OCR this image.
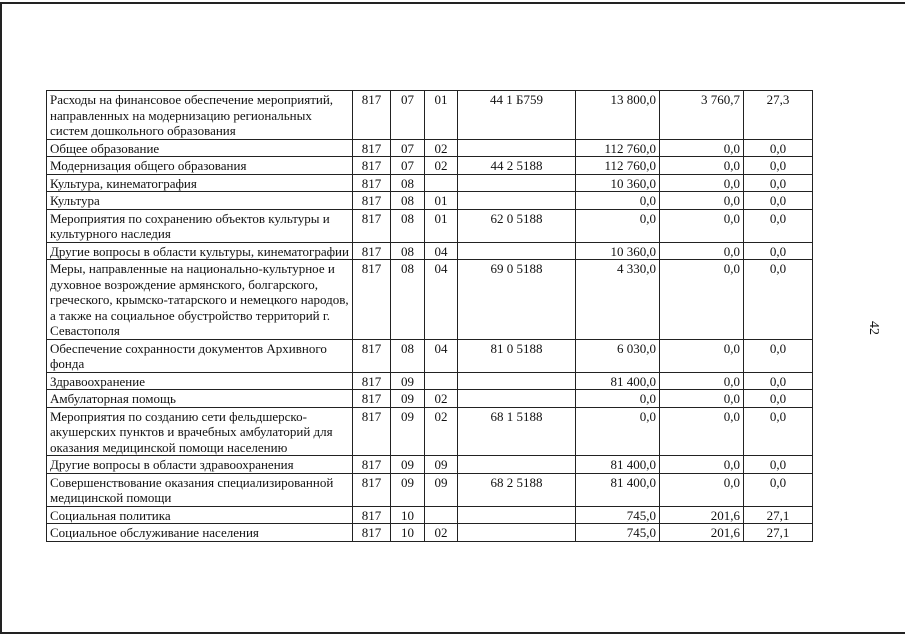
42
Расходы на финансовое обеспечение мероприятий, направленных на модернизацию региональных систем дошкольного образования	817	07	01	44 1 Б759	13 800,0	3 760,7	27,3
Общее образование	817	07	02		112 760,0	0,0	0,0
Модернизация общего образования	817	07	02	44 2 5188	112 760,0	0,0	0,0
Культура, кинематография	817	08			10 360,0	0,0	0,0
Культура	817	08	01		0,0	0,0	0,0
Мероприятия по сохранению объектов культуры и культурного наследия	817	08	01	62 0 5188	0,0	0,0	0,0
Другие вопросы в области культуры, кинематографии	817	08	04		10 360,0	0,0	0,0
Меры, направленные на национально-культурное и духовное возрождение армянского, болгарского, греческого, крымско-татарского и немецкого народов, а также на социальное обустройство территорий г. Севастополя	817	08	04	69 0 5188	4 330,0	0,0	0,0
Обеспечение сохранности документов Архивного фонда	817	08	04	81 0 5188	6 030,0	0,0	0,0
Здравоохранение	817	09			81 400,0	0,0	0,0
Амбулаторная помощь	817	09	02		0,0	0,0	0,0
Мероприятия по созданию сети фельдшерско-акушерских пунктов и врачебных амбулаторий для оказания медицинской помощи населению	817	09	02	68 1 5188	0,0	0,0	0,0
Другие вопросы в области здравоохранения	817	09	09		81 400,0	0,0	0,0
Совершенствование оказания специализированной медицинской помощи	817	09	09	68 2 5188	81 400,0	0,0	0,0
Социальная политика	817	10			745,0	201,6	27,1
Социальное обслуживание населения	817	10	02		745,0	201,6	27,1
